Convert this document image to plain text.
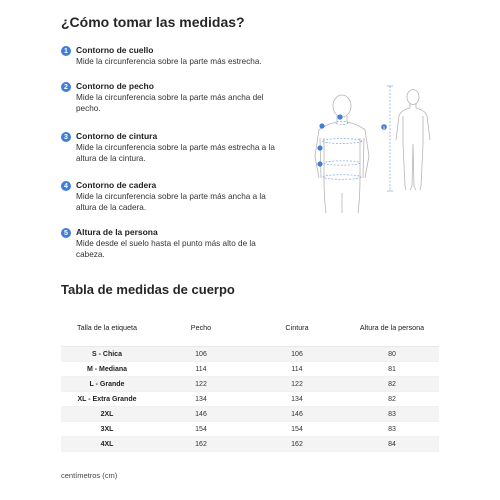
¿Cómo tomar las medidas?
1 Contorno de cuello
Mide la circunferencia sobre la parte más estrecha.
2 Contorno de pecho
Mide la circunferencia sobre la parte más ancha del pecho.
3 Contorno de cintura
Mide la circunferencia sobre la parte más estrecha a la altura de la cintura.
4 Contorno de cadera
Mide la circunferencia sobre la parte más ancha a la altura de la cadera.
5 Altura de la persona
Mide desde el suelo hasta el punto más alto de la cabeza.
5
Tabla de medidas de cuerpo
Talla de la etiqueta	Pecho	Cintura	Altura de la persona
S - Chica	106	106	80
M - Mediana	114	114	81
L - Grande	122	122	82
XL - Extra Grande	134	134	82
2XL	146	146	83
3XL	154	154	83
4XL	162	162	84
centímetros (cm)
